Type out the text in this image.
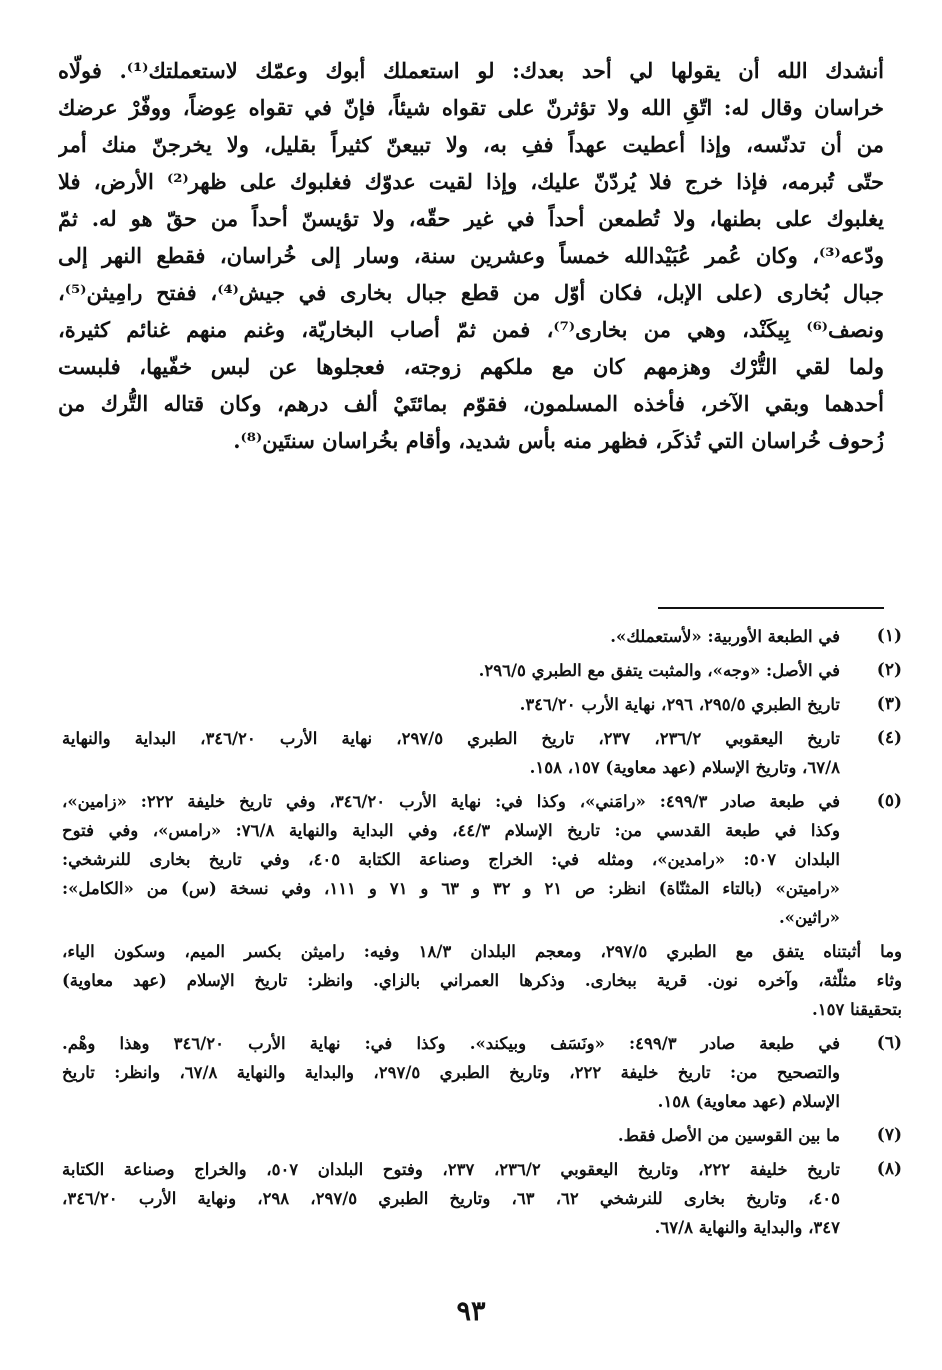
أنشدك الله أن يقولها لي أحد بعدك: لو استعملك أبوك وعمّك لاستعملتك⁽¹⁾. فولّاه
خراسان وقال له: اتّقِ الله ولا تؤثرنّ على تقواه شيئاً، فإنّ في تقواه عِوضاً، ووفّرْ عرضك
من أن تدنّسه، وإذا أعطيت عهداً ففِ به، ولا تبيعنّ كثيراً بقليل، ولا يخرجنّ منك أمر
حتّى تُبرمه، فإذا خرج فلا يُردّنّ عليك، وإذا لقيت عدوّك فغلبوك على ظهر⁽²⁾ الأرض، فلا
يغلبوك على بطنها، ولا تُطمعن أحداً في غير حقّه، ولا تؤيسنّ أحداً من حقّ هو له. ثمّ
ودّعه⁽³⁾، وكان عُمر عُبَيْدالله خمساً وعشرين سنة، وسار إلى خُراسان، فقطع النهر إلى
جبال بُخارى (على الإبل، فكان أوّل من قطع جبال بخارى في جيش⁽⁴⁾، ففتح رامِيثن⁽⁵⁾،
ونصف⁽⁶⁾ بِيكَنْد، وهي من بخارى⁽⁷⁾، فمن ثمّ أصاب البخاريّة، وغنم منهم غنائم كثيرة،
ولما لقي التُّرْك وهزمهم كان مع ملكهم زوجته، فعجلوها عن لبس خفّيها، فلبست
أحدهما وبقي الآخر، فأخذه المسلمون، فقوّم بمائتَيْ ألف درهم، وكان قتاله التُّرك من
زُحوف خُراسان التي تُذكَر، فظهر منه بأس شديد، وأقام بخُراسان سنتَين⁽⁸⁾.
(١)
في الطبعة الأوربية: «لأستعملك».
(٢)
في الأصل: «وجه»، والمثبت يتفق مع الطبري ٢٩٦/٥.
(٣)
تاريخ الطبري ٢٩٥/٥، ٢٩٦، نهاية الأرب ٣٤٦/٢٠.
(٤)
تاريخ اليعقوبي ٢٣٦/٢، ٢٣٧، تاريخ الطبري ٢٩٧/٥، نهاية الأرب ٣٤٦/٢٠، البداية والنهاية
٦٧/٨، وتاريخ الإسلام (عهد معاوية) ١٥٧، ١٥٨.
(٥)
في طبعة صادر ٤٩٩/٣: «رامَني»، وكذا في: نهاية الأرب ٣٤٦/٢٠، وفي تاريخ خليفة ٢٢٢: «زامين»،
وكذا في طبعة القدسي من: تاريخ الإسلام ٤٤/٣، وفي البداية والنهاية ٧٦/٨: «رامس»، وفي فتوح
البلدان ٥٠٧: «رامدين»، ومثله في: الخراج وصناعة الكتابة ٤٠٥، وفي تاريخ بخارى للنرشخي:
«راميتن» (بالتاء المثنّاة) انظر: ص ٢١ و ٣٢ و ٦٣ و ٧١ و ١١١، وفي نسخة (س) من «الكامل»:
«راثين».
وما أثبتناه يتفق مع الطبري ٢٩٧/٥، ومعجم البلدان ١٨/٣ وفيه: راميثن بكسر الميم، وسكون الياء،
وثاء مثلّثة، وآخره نون. قرية ببخارى. وذكرها العمراني بالزاي. وانظر: تاريخ الإسلام (عهد معاوية)
بتحقيقنا ١٥٧.
(٦)
في طبعة صادر ٤٩٩/٣: «ونَسَف وبيكند». وكذا في: نهاية الأرب ٣٤٦/٢٠ وهذا وهْم.
والتصحيح من: تاريخ خليفة ٢٢٢، وتاريخ الطبري ٢٩٧/٥، والبداية والنهاية ٦٧/٨، وانظر: تاريخ
الإسلام (عهد معاوية) ١٥٨.
(٧)
ما بين القوسين من الأصل فقط.
(٨)
تاريخ خليفة ٢٢٢، وتاريخ اليعقوبي ٢٣٦/٢، ٢٣٧، وفتوح البلدان ٥٠٧، والخراج وصناعة الكتابة
٤٠٥، وتاريخ بخارى للنرشخي ٦٢، ٦٣، وتاريخ الطبري ٢٩٧/٥، ٢٩٨، ونهاية الأرب ٣٤٦/٢٠،
٣٤٧، والبداية والنهاية ٦٧/٨.
٩٣
